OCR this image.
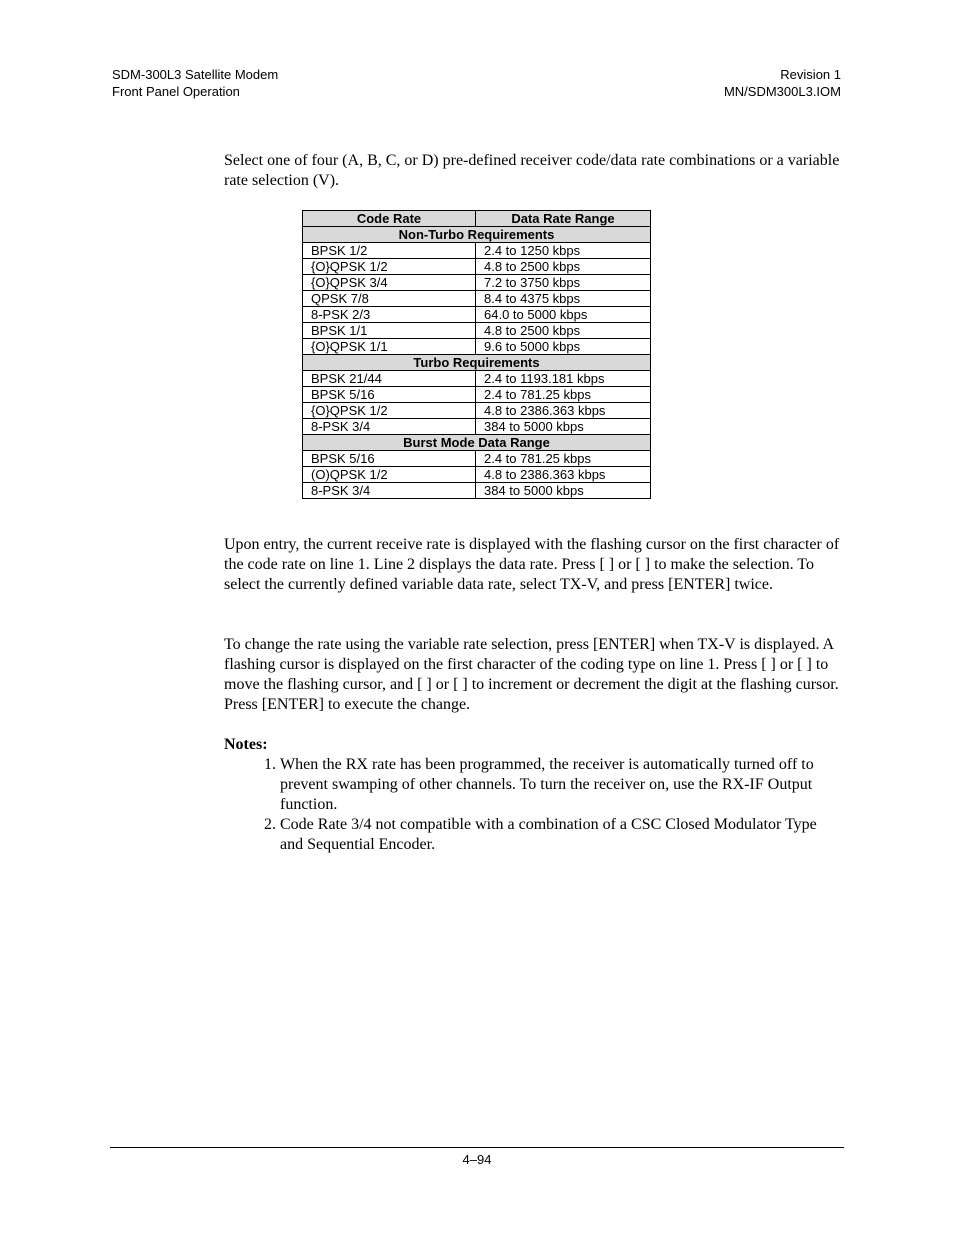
SDM-300L3 Satellite Modem
Front Panel Operation
Revision 1
MN/SDM300L3.IOM

Select one of four (A, B, C, or D) pre-defined receiver code/data rate combinations or a variable rate selection (V).

Code Rate	Data Rate Range
Non-Turbo Requirements	
BPSK 1/2	2.4 to 1250 kbps
{O}QPSK 1/2	4.8 to 2500 kbps
{O}QPSK 3/4	7.2 to 3750 kbps
QPSK 7/8	8.4 to 4375 kbps
8-PSK 2/3	64.0 to 5000 kbps
BPSK 1/1	4.8 to 2500 kbps
{O}QPSK 1/1	9.6 to 5000 kbps
Turbo Requirements	
BPSK 21/44	2.4 to 1193.181 kbps
BPSK 5/16	2.4 to 781.25 kbps
{O}QPSK 1/2	4.8 to 2386.363 kbps
8-PSK 3/4	384 to 5000 kbps
Burst Mode Data Range	
BPSK 5/16	2.4 to 781.25 kbps
(O)QPSK 1/2	4.8 to 2386.363 kbps
8-PSK 3/4	384 to 5000 kbps

Upon entry, the current receive rate is displayed with the flashing cursor on the first character of the code rate on line 1. Line 2 displays the data rate. Press [ ] or [ ] to make the selection. To select the currently defined variable data rate, select TX-V, and press [ENTER] twice.

To change the rate using the variable rate selection, press [ENTER] when TX-V is displayed. A flashing cursor is displayed on the first character of the coding type on line 1. Press [ ] or [ ] to move the flashing cursor, and [ ] or [ ] to increment or decrement the digit at the flashing cursor. Press [ENTER] to execute the change.

Notes:
1. When the RX rate has been programmed, the receiver is automatically turned off to prevent swamping of other channels. To turn the receiver on, use the RX-IF Output function.
2. Code Rate 3/4 not compatible with a combination of a CSC Closed Modulator Type and Sequential Encoder.
4–94
